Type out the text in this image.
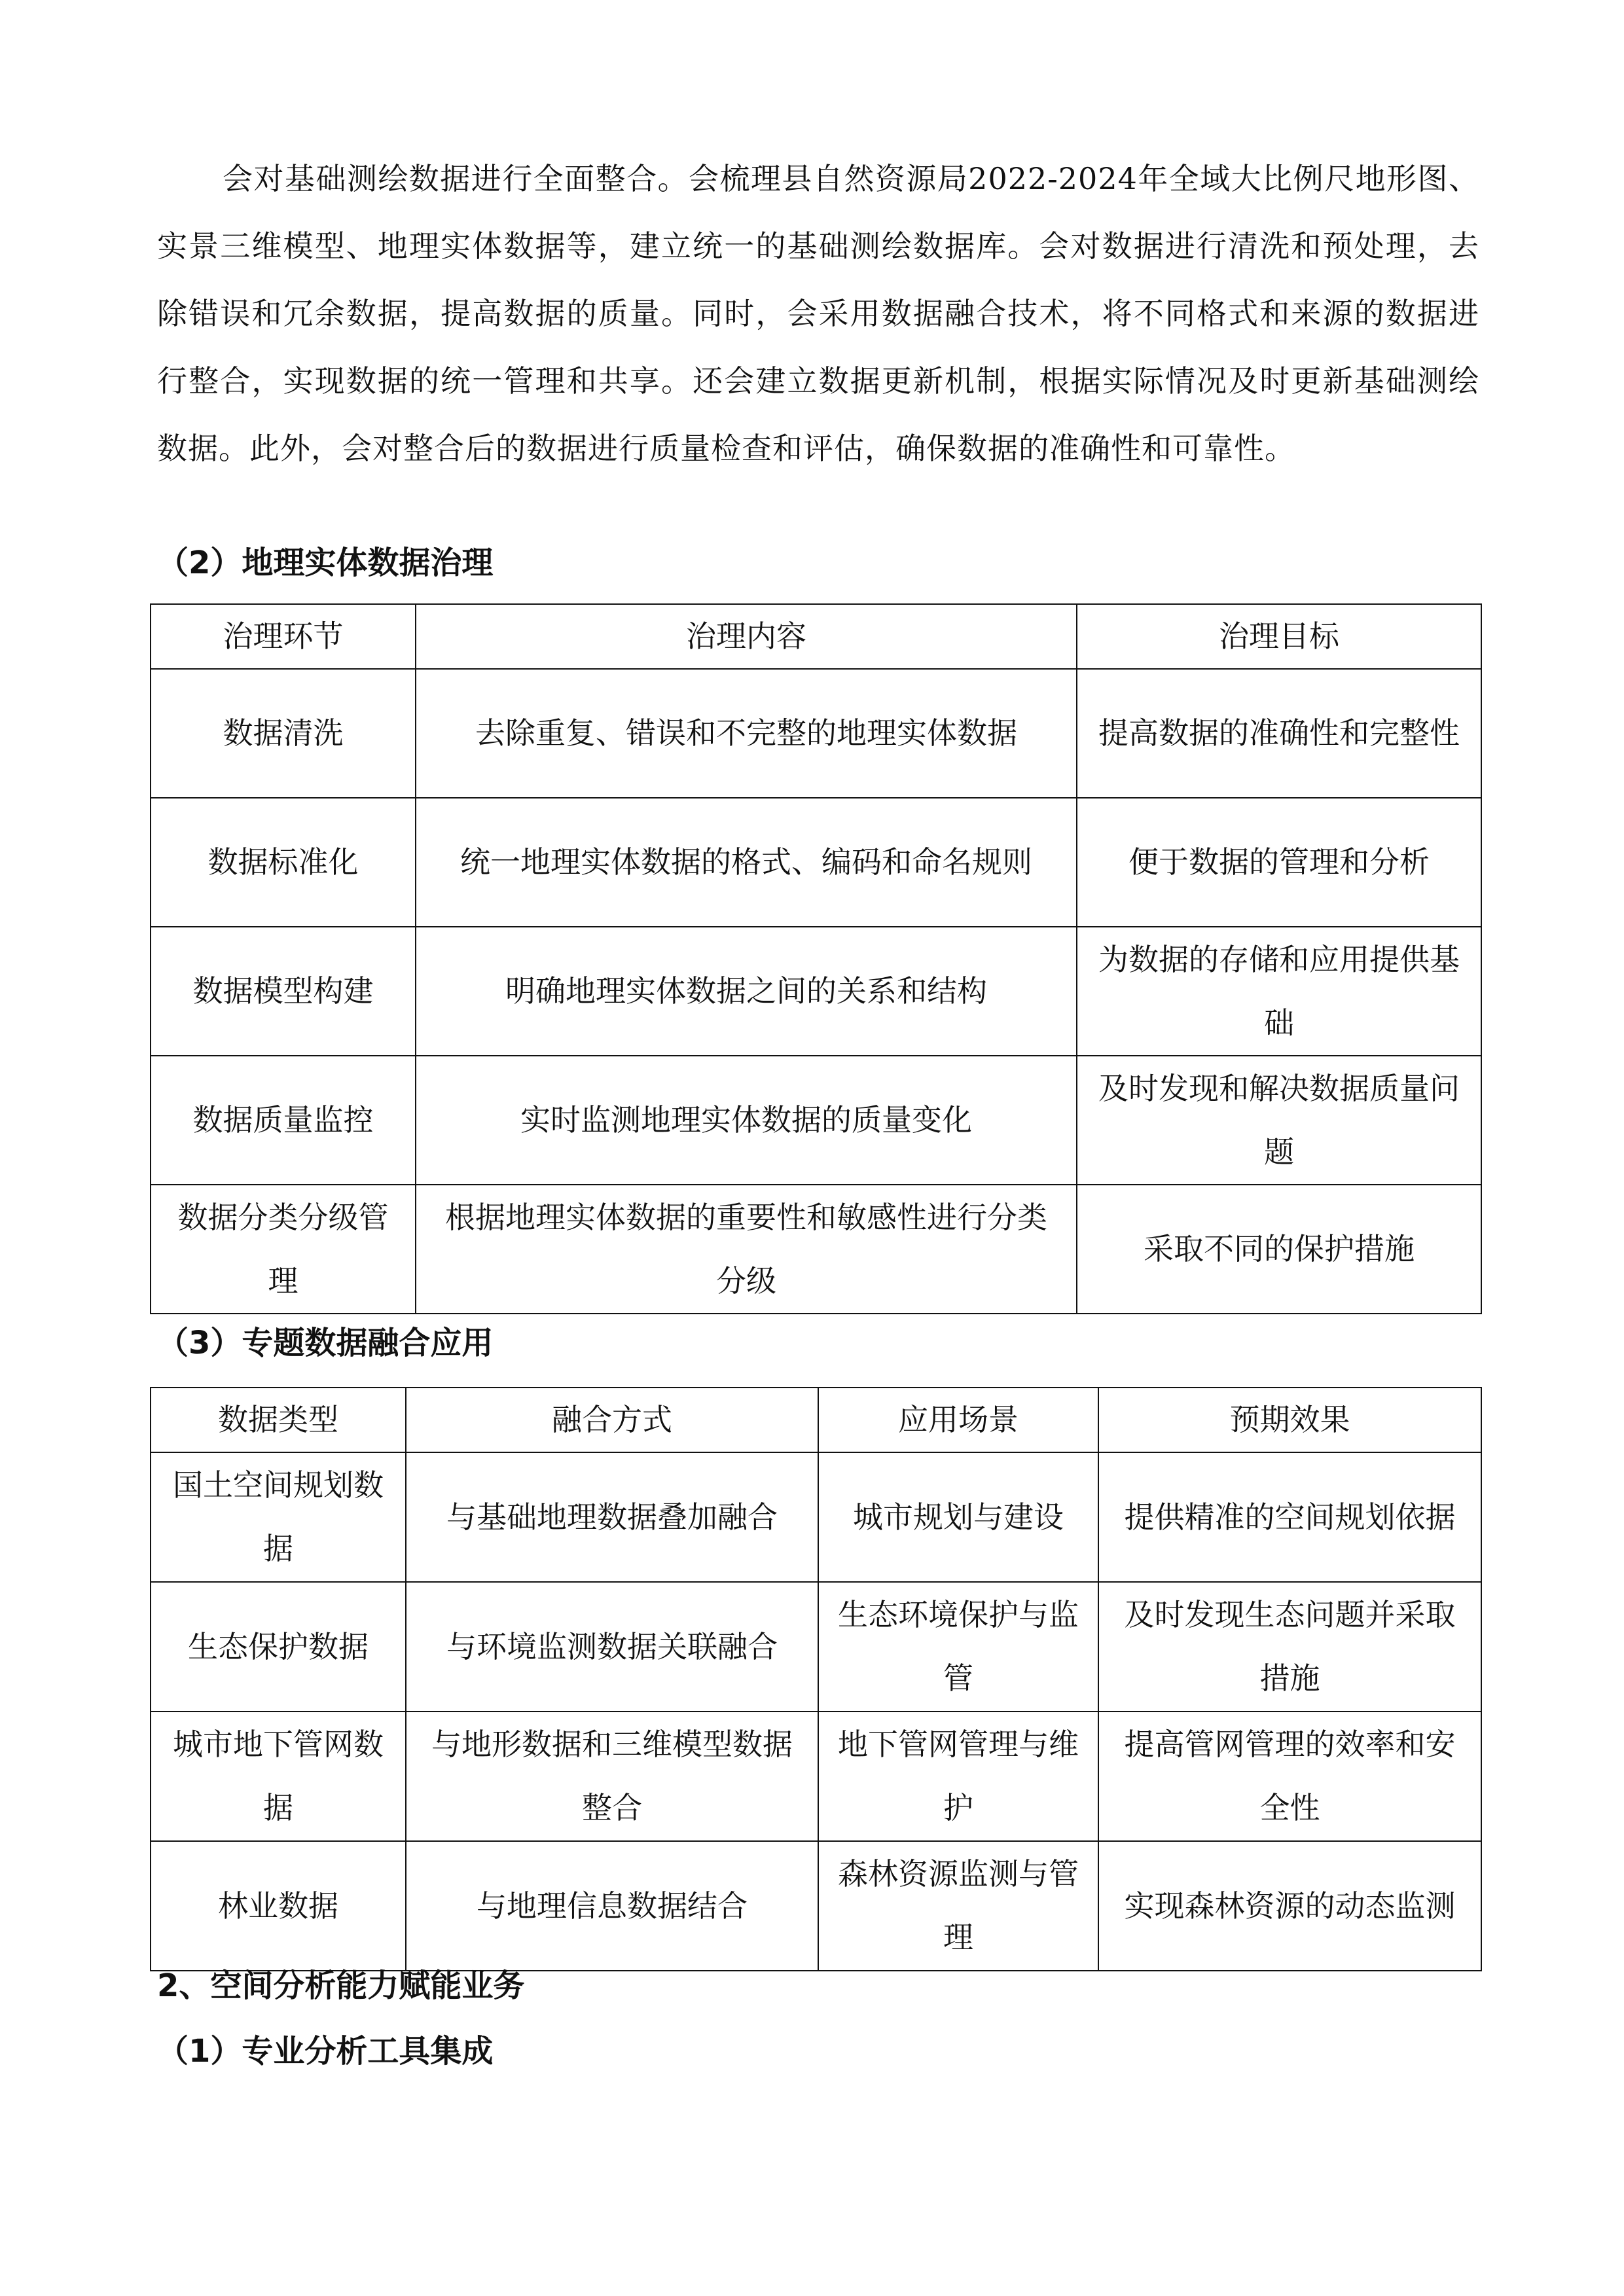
会对基础测绘数据进行全面整合。会梳理县自然资源局2022-2024年全域大比例尺地形图、实景三维模型、地理实体数据等，建立统一的基础测绘数据库。会对数据进行清洗和预处理，去除错误和冗余数据，提高数据的质量。同时，会采用数据融合技术，将不同格式和来源的数据进行整合，实现数据的统一管理和共享。还会建立数据更新机制，根据实际情况及时更新基础测绘数据。此外，会对整合后的数据进行质量检查和评估，确保数据的准确性和可靠性。

（2）地理实体数据治理
治理环节	治理内容	治理目标
数据清洗	去除重复、错误和不完整的地理实体数据	提高数据的准确性和完整性
数据标准化	统一地理实体数据的格式、编码和命名规则	便于数据的管理和分析
数据模型构建	明确地理实体数据之间的关系和结构	为数据的存储和应用提供基础
数据质量监控	实时监测地理实体数据的质量变化	及时发现和解决数据质量问题
数据分类分级管理	根据地理实体数据的重要性和敏感性进行分类分级	采取不同的保护措施
（3）专题数据融合应用
数据类型	融合方式	应用场景	预期效果
国土空间规划数据	与基础地理数据叠加融合	城市规划与建设	提供精准的空间规划依据
生态保护数据	与环境监测数据关联融合	生态环境保护与监管	及时发现生态问题并采取措施
城市地下管网数据	与地形数据和三维模型数据整合	地下管网管理与维护	提高管网管理的效率和安全性
林业数据	与地理信息数据结合	森林资源监测与管理	实现森林资源的动态监测
2、空间分析能力赋能业务
（1）专业分析工具集成
